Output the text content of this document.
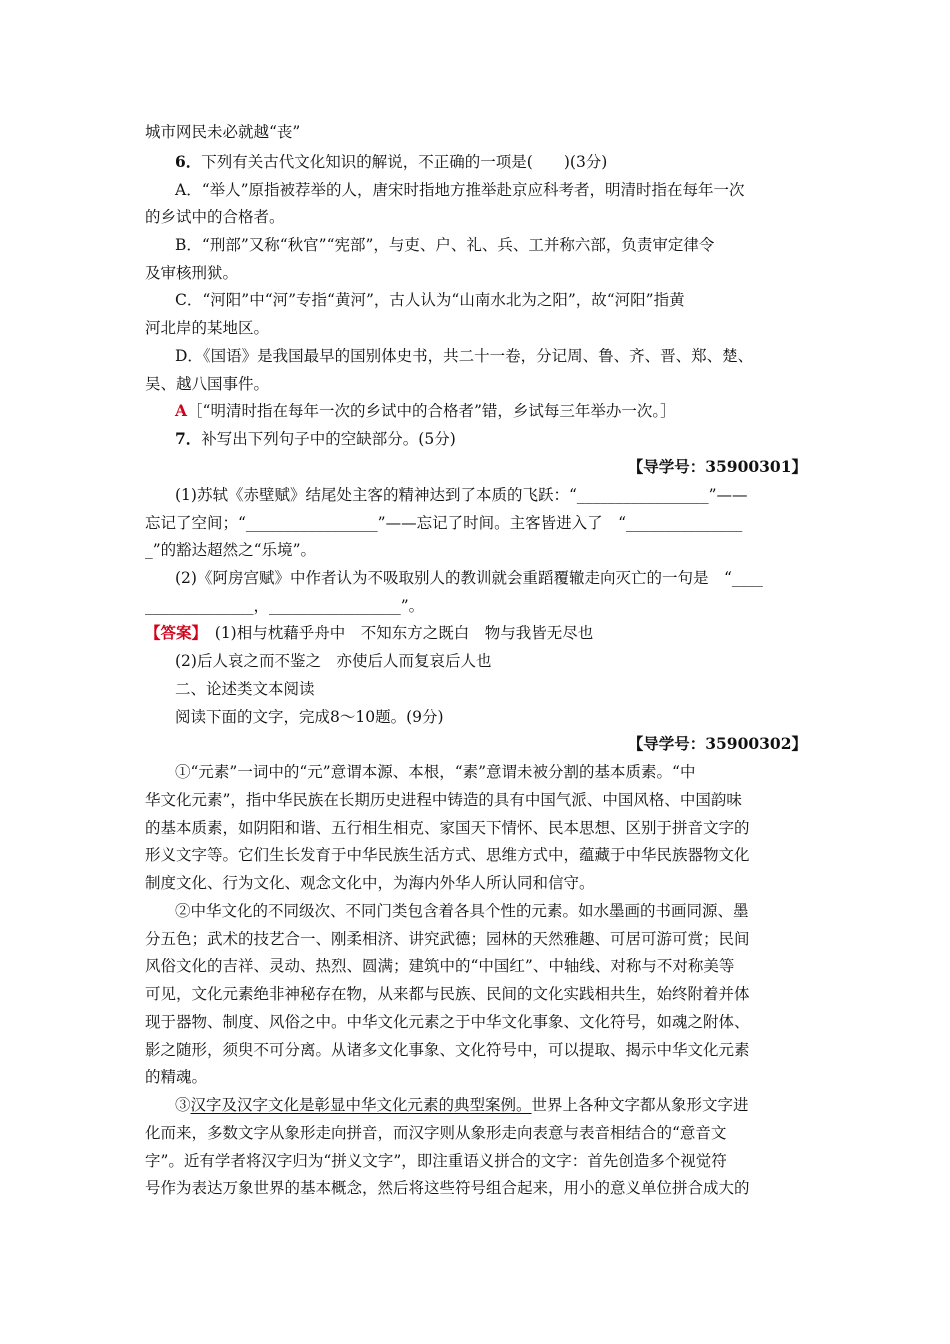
城市网民未必就越“丧”

6．下列有关古代文化知识的解说，不正确的一项是(　　)(3分)

A．“举人”原指被荐举的人，唐宋时指地方推举赴京应科考者，明清时指在每年一次

的乡试中的合格者。

B．“刑部”又称“秋官”“宪部”，与吏、户、礼、兵、工并称六部，负责审定律令

及审核刑狱。

C．“河阳”中“河”专指“黄河”，古人认为“山南水北为之阳”，故“河阳”指黄

河北岸的某地区。

D．《国语》是我国最早的国别体史书，共二十一卷，分记周、鲁、齐、晋、郑、楚、

吴、越八国事件。

A［“明清时指在每年一次的乡试中的合格者”错，乡试每三年举办一次。］

7．补写出下列句子中的空缺部分。(5分)

【导学号：35900301】

(1)苏轼《赤壁赋》结尾处主客的精神达到了本质的飞跃：“_________________”——

忘记了空间；“_________________”——忘记了时间。主客皆进入了　“_______________

_”的豁达超然之“乐境”。

(2)《阿房宫赋》中作者认为不吸取别人的教训就会重蹈覆辙走向灭亡的一句是　“____

______________，_________________”。

【答案】　(1)相与枕藉乎舟中　不知东方之既白　物与我皆无尽也

(2)后人哀之而不鉴之　亦使后人而复哀后人也

二、论述类文本阅读

阅读下面的文字，完成8～10题。(9分)

【导学号：35900302】

①“元素”一词中的“元”意谓本源、本根，“素”意谓未被分割的基本质素。“中

华文化元素”，指中华民族在长期历史进程中铸造的具有中国气派、中国风格、中国韵味

的基本质素，如阴阳和谐、五行相生相克、家国天下情怀、民本思想、区别于拼音文字的

形义文字等。它们生长发育于中华民族生活方式、思维方式中，蕴藏于中华民族器物文化

制度文化、行为文化、观念文化中，为海内外华人所认同和信守。

②中华文化的不同级次、不同门类包含着各具个性的元素。如水墨画的书画同源、墨

分五色；武术的技艺合一、刚柔相济、讲究武德；园林的天然雅趣、可居可游可赏；民间

风俗文化的吉祥、灵动、热烈、圆满；建筑中的“中国红”、中轴线、对称与不对称美等

可见，文化元素绝非神秘存在物，从来都与民族、民间的文化实践相共生，始终附着并体

现于器物、制度、风俗之中。中华文化元素之于中华文化事象、文化符号，如魂之附体、

影之随形，须臾不可分离。从诸多文化事象、文化符号中，可以提取、揭示中华文化元素

的精魂。

③汉字及汉字文化是彰显中华文化元素的典型案例。世界上各种文字都从象形文字进

化而来，多数文字从象形走向拼音，而汉字则从象形走向表意与表音相结合的“意音文

字”。近有学者将汉字归为“拼义文字”，即注重语义拼合的文字：首先创造多个视觉符

号作为表达万象世界的基本概念，然后将这些符号组合起来，用小的意义单位拼合成大的
